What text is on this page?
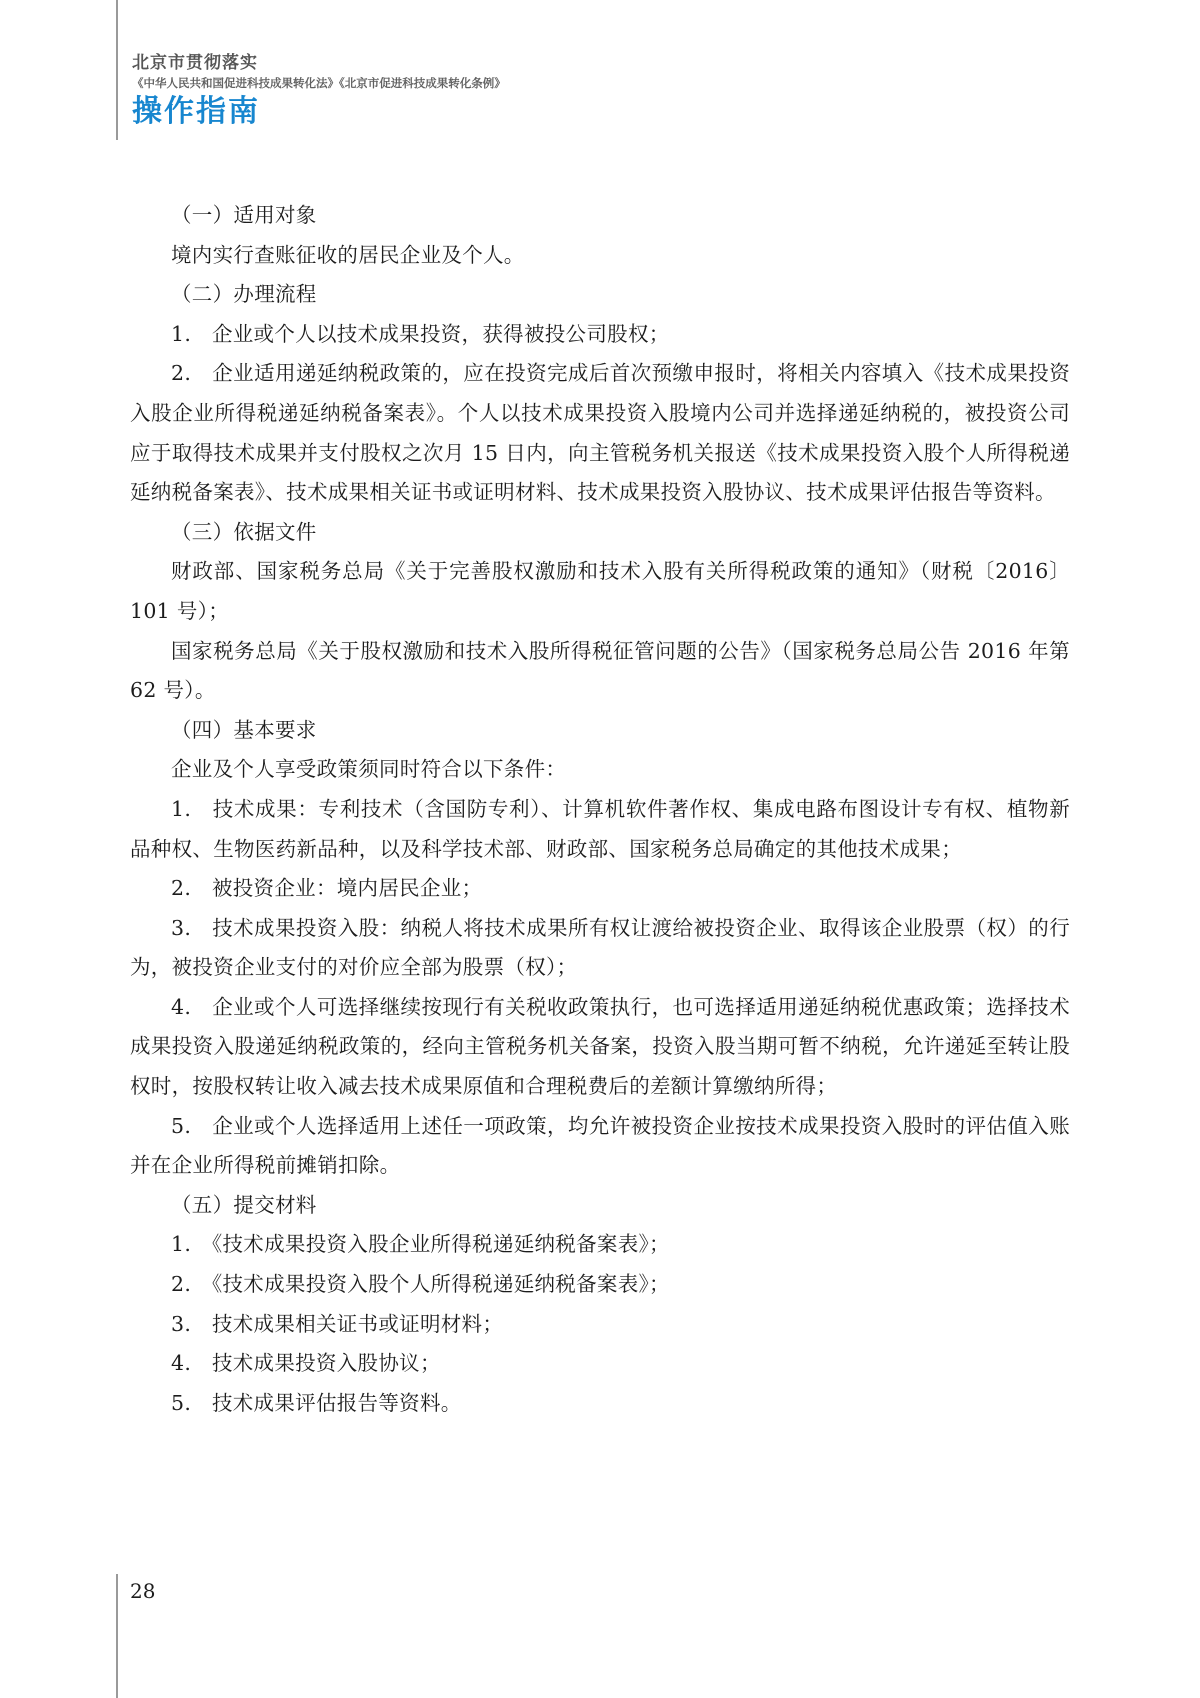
北京市贯彻落实
《中华人民共和国促进科技成果转化法》《北京市促进科技成果转化条例》
操作指南

（一）适用对象

境内实行查账征收的居民企业及个人。

（二）办理流程

1.　企业或个人以技术成果投资，获得被投公司股权；

2.　企业适用递延纳税政策的，应在投资完成后首次预缴申报时，将相关内容填入《技术成果投资入股企业所得税递延纳税备案表》。个人以技术成果投资入股境内公司并选择递延纳税的，被投资公司应于取得技术成果并支付股权之次月 15 日内，向主管税务机关报送《技术成果投资入股个人所得税递延纳税备案表》、技术成果相关证书或证明材料、技术成果投资入股协议、技术成果评估报告等资料。

（三）依据文件

财政部、国家税务总局《关于完善股权激励和技术入股有关所得税政策的通知》（财税〔2016〕101 号）；

国家税务总局《关于股权激励和技术入股所得税征管问题的公告》（国家税务总局公告 2016 年第 62 号）。

（四）基本要求

企业及个人享受政策须同时符合以下条件：

1.　技术成果：专利技术（含国防专利）、计算机软件著作权、集成电路布图设计专有权、植物新品种权、生物医药新品种，以及科学技术部、财政部、国家税务总局确定的其他技术成果；

2.　被投资企业：境内居民企业；

3.　技术成果投资入股：纳税人将技术成果所有权让渡给被投资企业、取得该企业股票（权）的行为，被投资企业支付的对价应全部为股票（权）；

4.　企业或个人可选择继续按现行有关税收政策执行，也可选择适用递延纳税优惠政策；选择技术成果投资入股递延纳税政策的，经向主管税务机关备案，投资入股当期可暂不纳税，允许递延至转让股权时，按股权转让收入减去技术成果原值和合理税费后的差额计算缴纳所得；

5.　企业或个人选择适用上述任一项政策，均允许被投资企业按技术成果投资入股时的评估值入账并在企业所得税前摊销扣除。

（五）提交材料

1.　《技术成果投资入股企业所得税递延纳税备案表》；

2.　《技术成果投资入股个人所得税递延纳税备案表》；

3.　技术成果相关证书或证明材料；

4.　技术成果投资入股协议；

5.　技术成果评估报告等资料。

28
